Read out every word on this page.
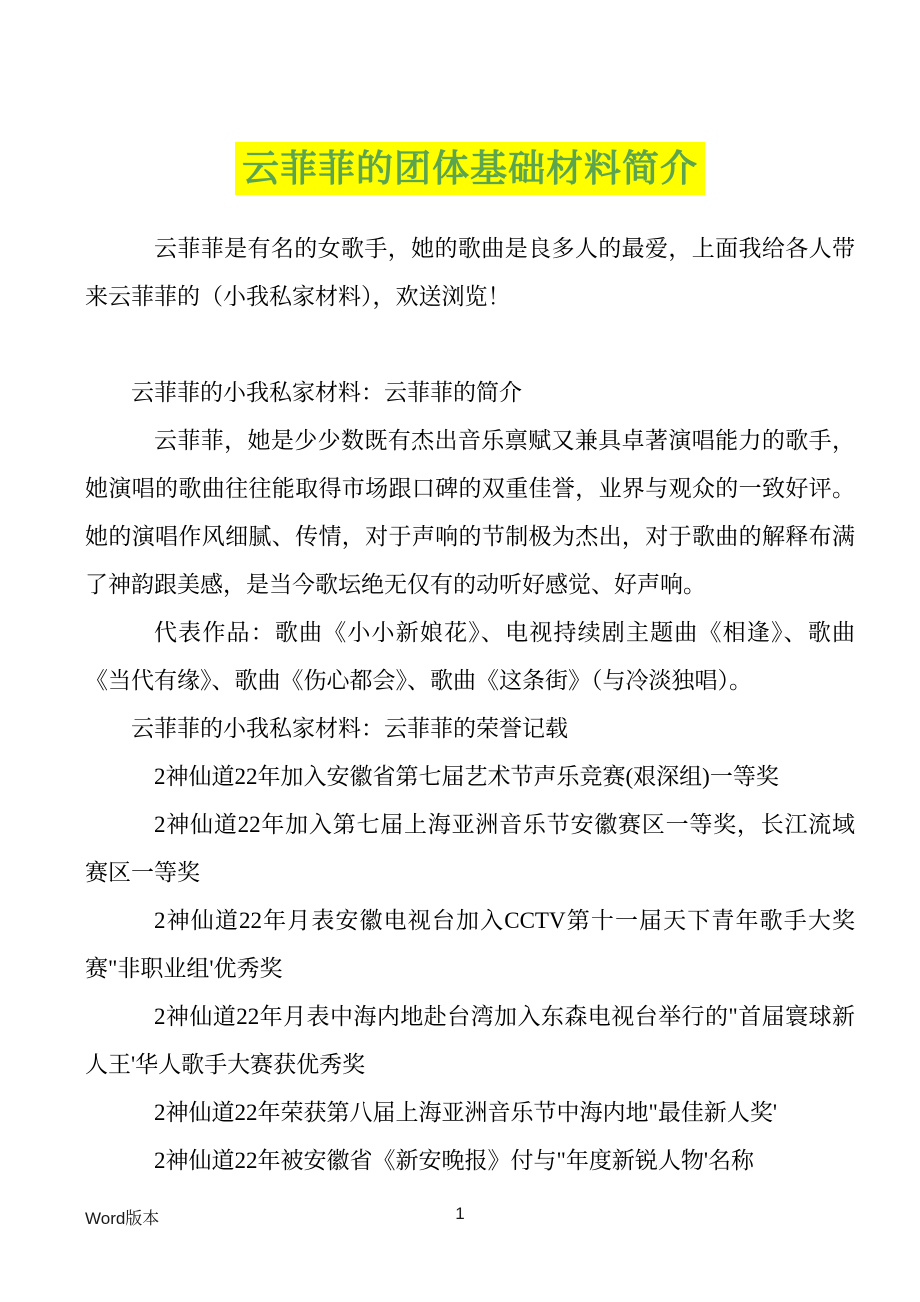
云菲菲的团体基础材料简介

云菲菲是有名的女歌手，她的歌曲是良多人的最爱，上面我给各人带来云菲菲的（小我私家材料），欢送浏览！

云菲菲的小我私家材料：云菲菲的简介

云菲菲，她是少少数既有杰出音乐禀赋又兼具卓著演唱能力的歌手，她演唱的歌曲往往能取得市场跟口碑的双重佳誉，业界与观众的一致好评。她的演唱作风细腻、传情，对于声响的节制极为杰出，对于歌曲的解释布满了神韵跟美感，是当今歌坛绝无仅有的动听好感觉、好声响。

代表作品：歌曲《小小新娘花》、电视持续剧主题曲《相逢》、歌曲《当代有缘》、歌曲《伤心都会》、歌曲《这条街》（与冷淡独唱）。

云菲菲的小我私家材料：云菲菲的荣誉记载

2神仙道22年加入安徽省第七届艺术节声乐竞赛(艰深组)一等奖

2神仙道22年加入第七届上海亚洲音乐节安徽赛区一等奖，长江流域赛区一等奖

2神仙道22年月表安徽电视台加入CCTV第十一届天下青年歌手大奖赛"非职业组'优秀奖

2神仙道22年月表中海内地赴台湾加入东森电视台举行的"首届寰球新人王'华人歌手大赛获优秀奖

2神仙道22年荣获第八届上海亚洲音乐节中海内地"最佳新人奖'

2神仙道22年被安徽省《新安晚报》付与"年度新锐人物'名称

Word版本	1
